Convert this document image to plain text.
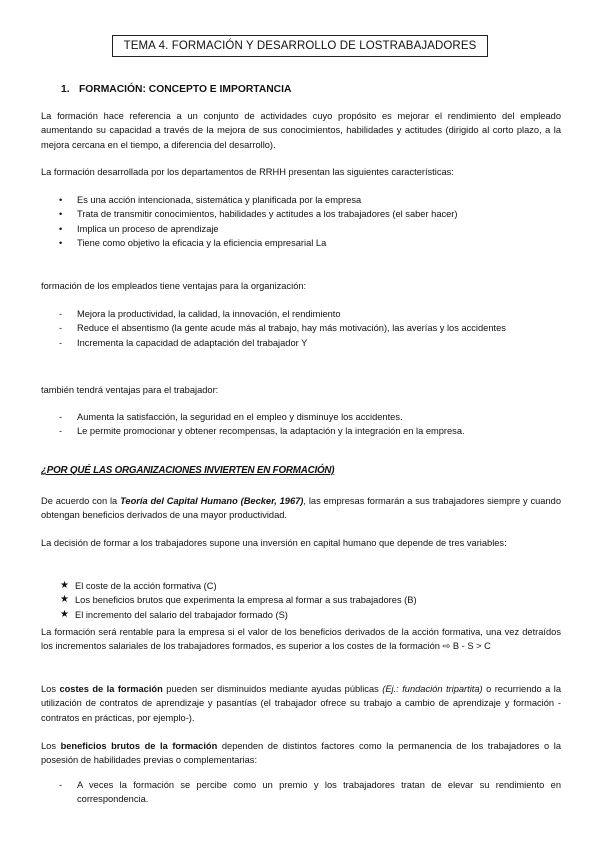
TEMA 4. FORMACIÓN Y DESARROLLO DE LOSTRABAJADORES
1. FORMACIÓN: CONCEPTO E IMPORTANCIA
La formación hace referencia a un conjunto de actividades cuyo propósito es mejorar el rendimiento del empleado aumentando su capacidad a través de la mejora de sus conocimientos, habilidades y actitudes (dirigido al corto plazo, a la mejora cercana en el tiempo, a diferencia del desarrollo).
La formación desarrollada por los departamentos de RRHH presentan las siguientes características:
• Es una acción intencionada, sistemática y planificada por la empresa
• Trata de transmitir conocimientos, habilidades y actitudes a los trabajadores (el saber hacer)
• Implica un proceso de aprendizaje
• Tiene como objetivo la eficacia y la eficiencia empresarial La
formación de los empleados tiene ventajas para la organización:
- Mejora la productividad, la calidad, la innovación, el rendimiento
- Reduce el absentismo (la gente acude más al trabajo, hay más motivación), las averías y los accidentes
- Incrementa la capacidad de adaptación del trabajador Y
también tendrá ventajas para el trabajador:
- Aumenta la satisfacción, la seguridad en el empleo y disminuye los accidentes.
- Le permite promocionar y obtener recompensas, la adaptación y la integración en la empresa.
¿POR QUÉ LAS ORGANIZACIONES INVIERTEN EN FORMACIÓN)
De acuerdo con la Teoría del Capital Humano (Becker, 1967), las empresas formarán a sus trabajadores siempre y cuando obtengan beneficios derivados de una mayor productividad.
La decisión de formar a los trabajadores supone una inversión en capital humano que depende de tres variables:
★ El coste de la acción formativa (C)
★ Los beneficios brutos que experimenta la empresa al formar a sus trabajadores (B)
★ El incremento del salario del trabajador formado (S)
La formación será rentable para la empresa si el valor de los beneficios derivados de la acción formativa, una vez detraídos los incrementos salariales de los trabajadores formados, es superior a los costes de la formación ⇨ B - S > C
Los costes de la formación pueden ser disminuidos mediante ayudas públicas (Ej.: fundación tripartita) o recurriendo a la utilización de contratos de aprendizaje y pasantías (el trabajador ofrece su trabajo a cambio de aprendizaje y formación -contratos en prácticas, por ejemplo-).
Los beneficios brutos de la formación dependen de distintos factores como la permanencia de los trabajadores o la posesión de habilidades previas o complementarias:
- A veces la formación se percibe como un premio y los trabajadores tratan de elevar su rendimiento en correspondencia.
